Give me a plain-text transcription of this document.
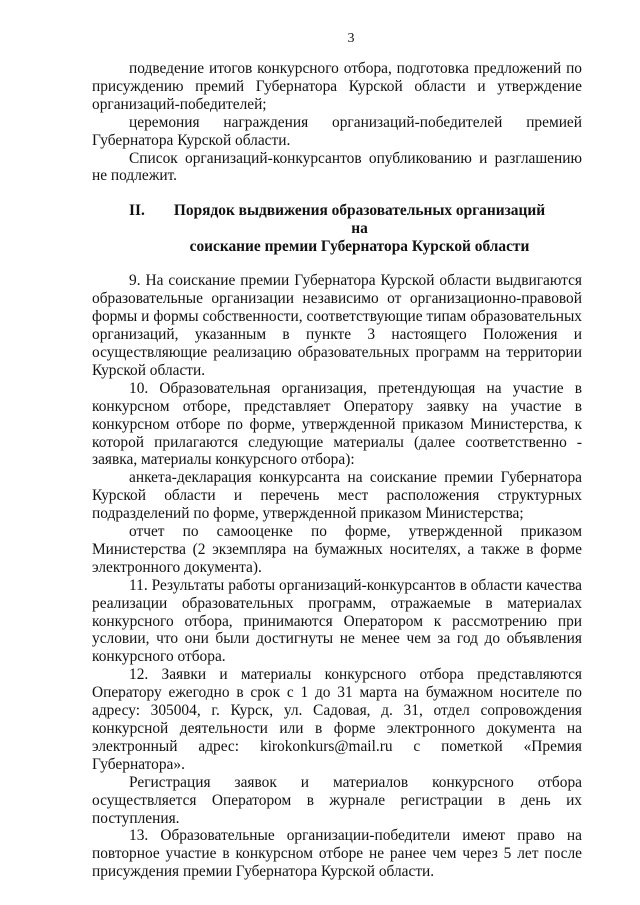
3

подведение итогов конкурсного отбора, подготовка предложений по присуждению премий Губернатора Курской области и утверждение организаций-победителей;

церемония награждения организаций-победителей премией Губернатора Курской области.

Список организаций-конкурсантов опубликованию и разглашению не подлежит.

II.	Порядок выдвижения образовательных организаций на
соискание премии Губернатора Курской области

9. На соискание премии Губернатора Курской области выдвигаются образовательные организации независимо от организационно-правовой формы и формы собственности, соответствующие типам образовательных организаций, указанным в пункте 3 настоящего Положения и осуществляющие реализацию образовательных программ на территории Курской области.

10. Образовательная организация, претендующая на участие в конкурсном отборе, представляет Оператору заявку на участие в конкурсном отборе по форме, утвержденной приказом Министерства, к которой прилагаются следующие материалы (далее соответственно - заявка, материалы конкурсного отбора):

анкета-декларация конкурсанта на соискание премии Губернатора Курской области и перечень мест расположения структурных подразделений по форме, утвержденной приказом Министерства;

отчет по самооценке по форме, утвержденной приказом Министерства (2 экземпляра на бумажных носителях, а также в форме электронного документа).

11. Результаты работы организаций-конкурсантов в области качества реализации образовательных программ, отражаемые в материалах конкурсного отбора, принимаются Оператором к рассмотрению при условии, что они были достигнуты не менее чем за год до объявления конкурсного отбора.

12. Заявки и материалы конкурсного отбора представляются Оператору ежегодно в срок с 1 до 31 марта на бумажном носителе по адресу: 305004, г. Курск, ул. Садовая, д. 31, отдел сопровождения конкурсной деятельности или в форме электронного документа на электронный адрес: kirokonkurs@mail.ru с пометкой «Премия Губернатора».

Регистрация заявок и материалов конкурсного отбора осуществляется Оператором в журнале регистрации в день их поступления.

13. Образовательные организации-победители имеют право на повторное участие в конкурсном отборе не ранее чем через 5 лет после присуждения премии Губернатора Курской области.
